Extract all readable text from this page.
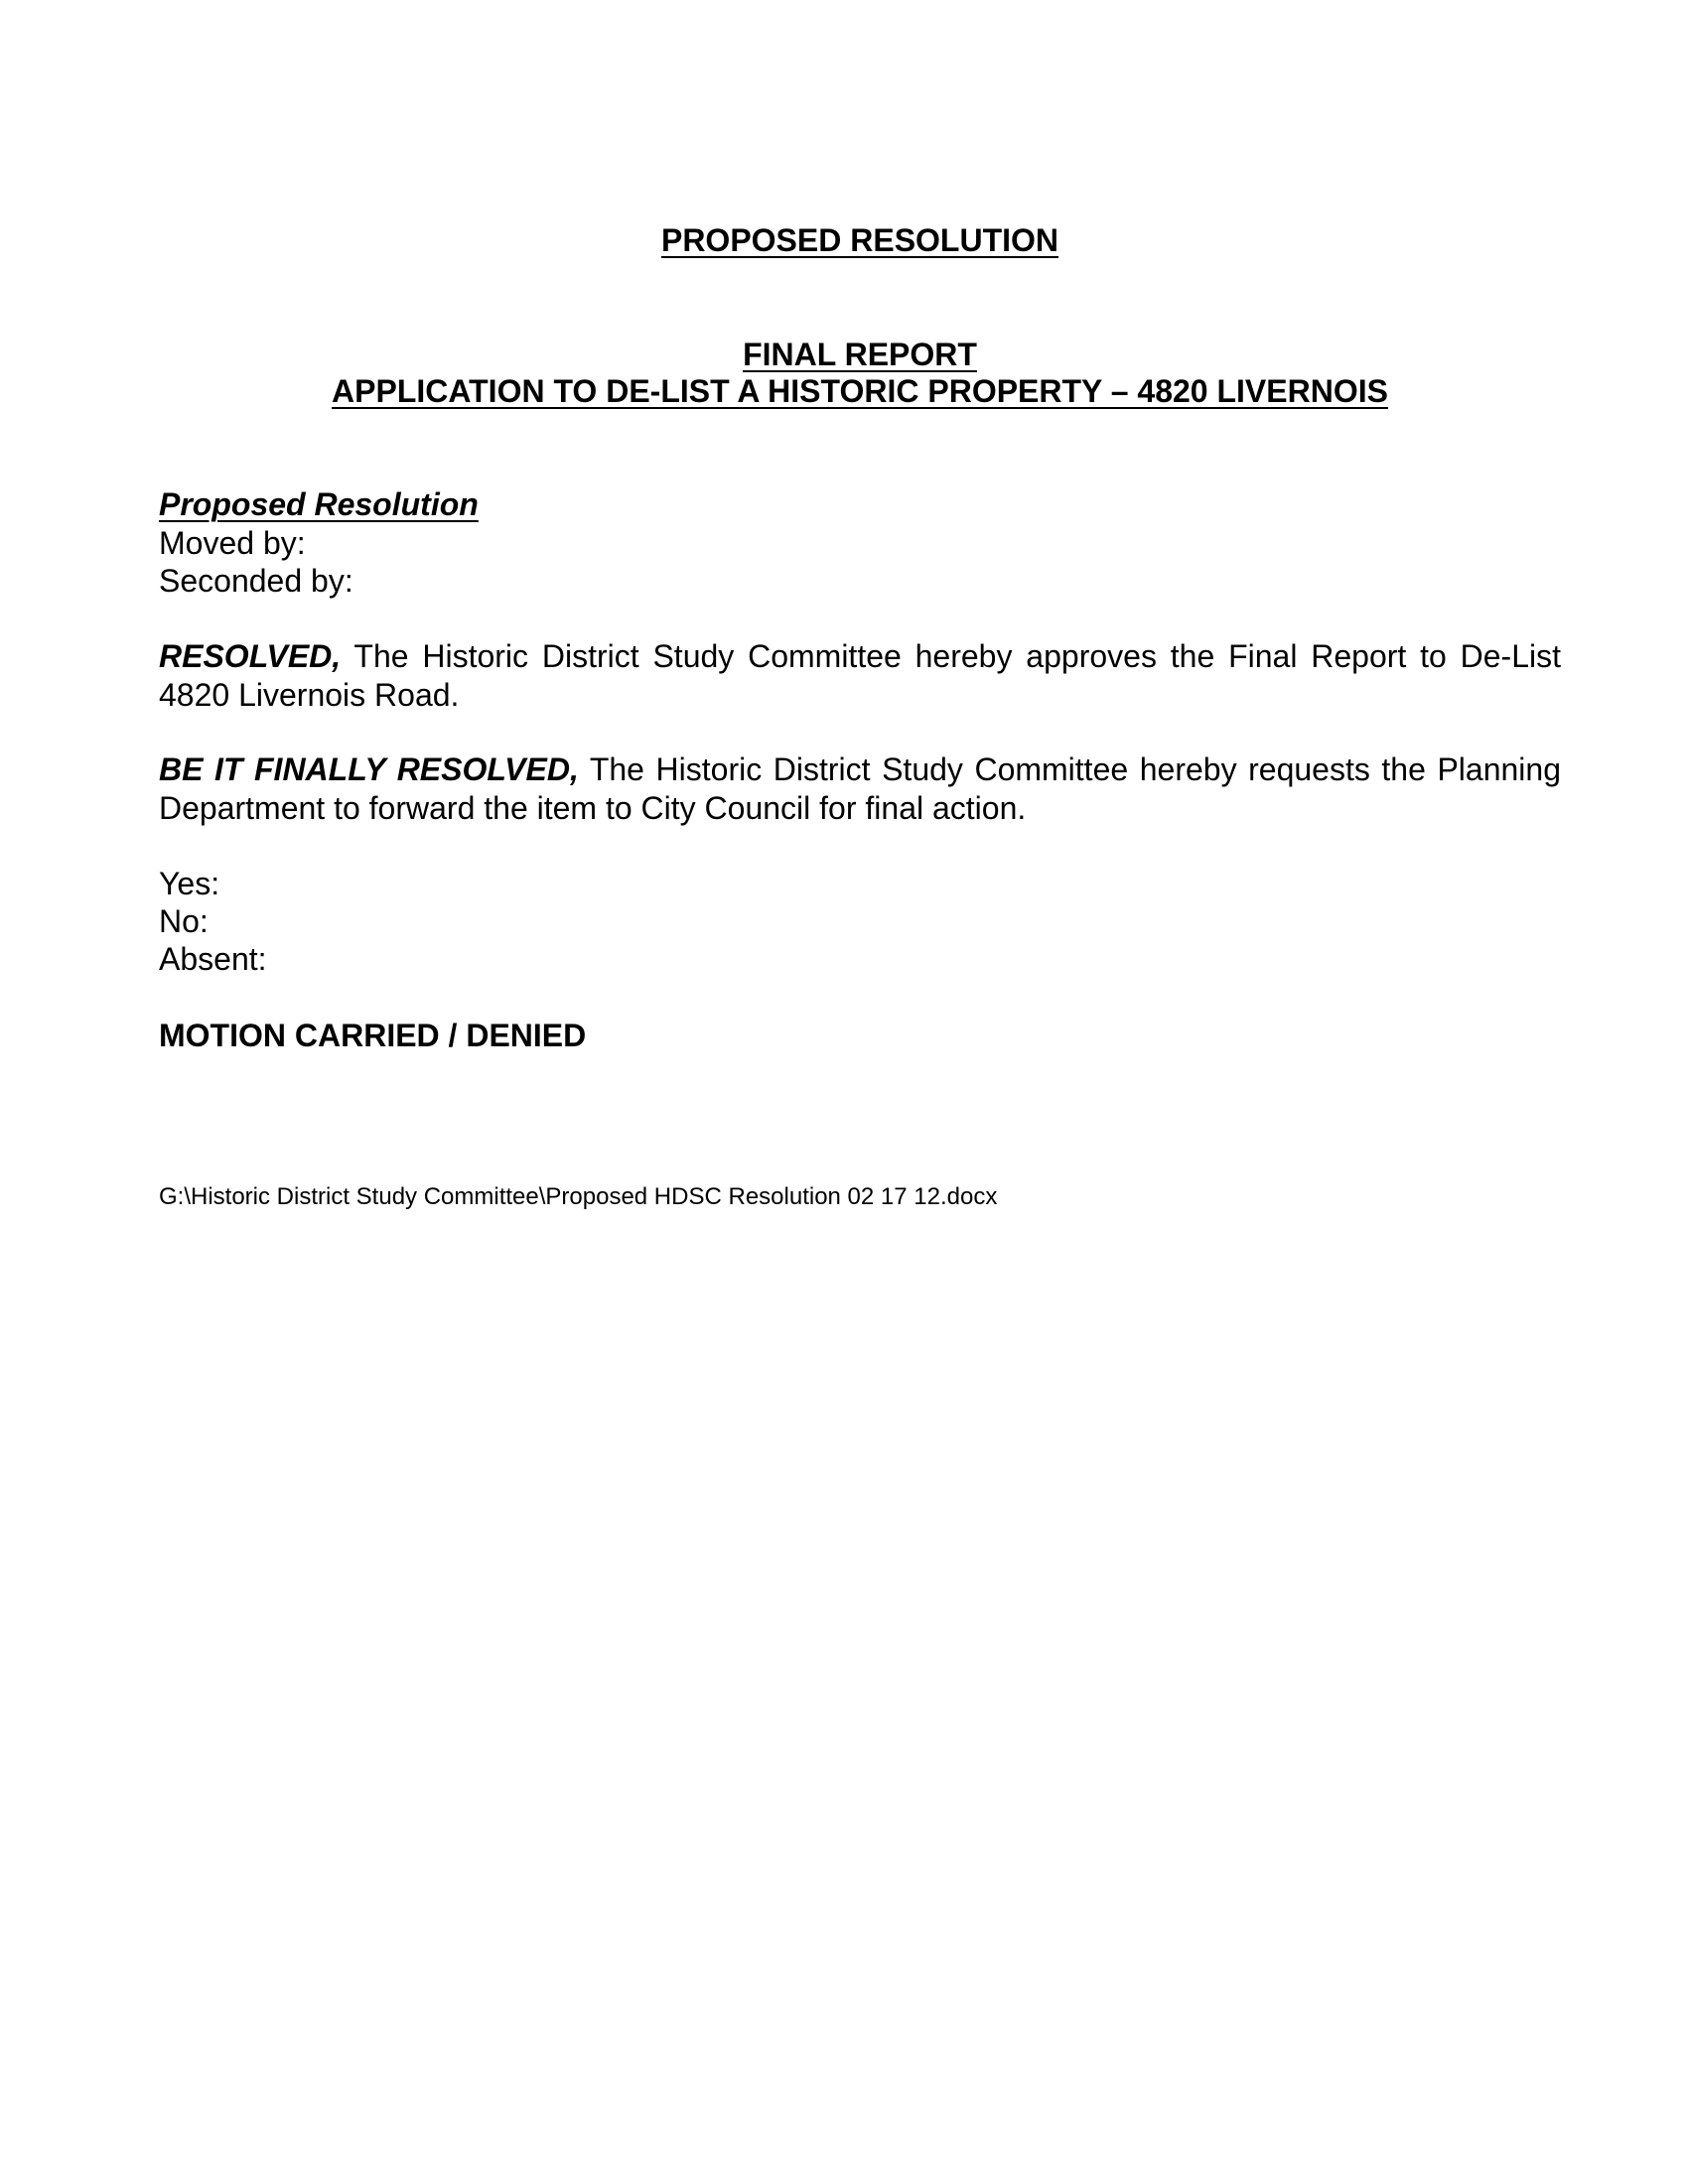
PROPOSED RESOLUTION
FINAL REPORT
APPLICATION TO DE-LIST A HISTORIC PROPERTY – 4820 LIVERNOIS

Proposed Resolution

Moved by:

Seconded by:

RESOLVED, The Historic District Study Committee hereby approves the Final Report to De-List 4820 Livernois Road.

BE IT FINALLY RESOLVED, The Historic District Study Committee hereby requests the Planning Department to forward the item to City Council for final action.

Yes:

No:

Absent:

MOTION CARRIED / DENIED

G:\Historic District Study Committee\Proposed HDSC Resolution 02 17 12.docx
